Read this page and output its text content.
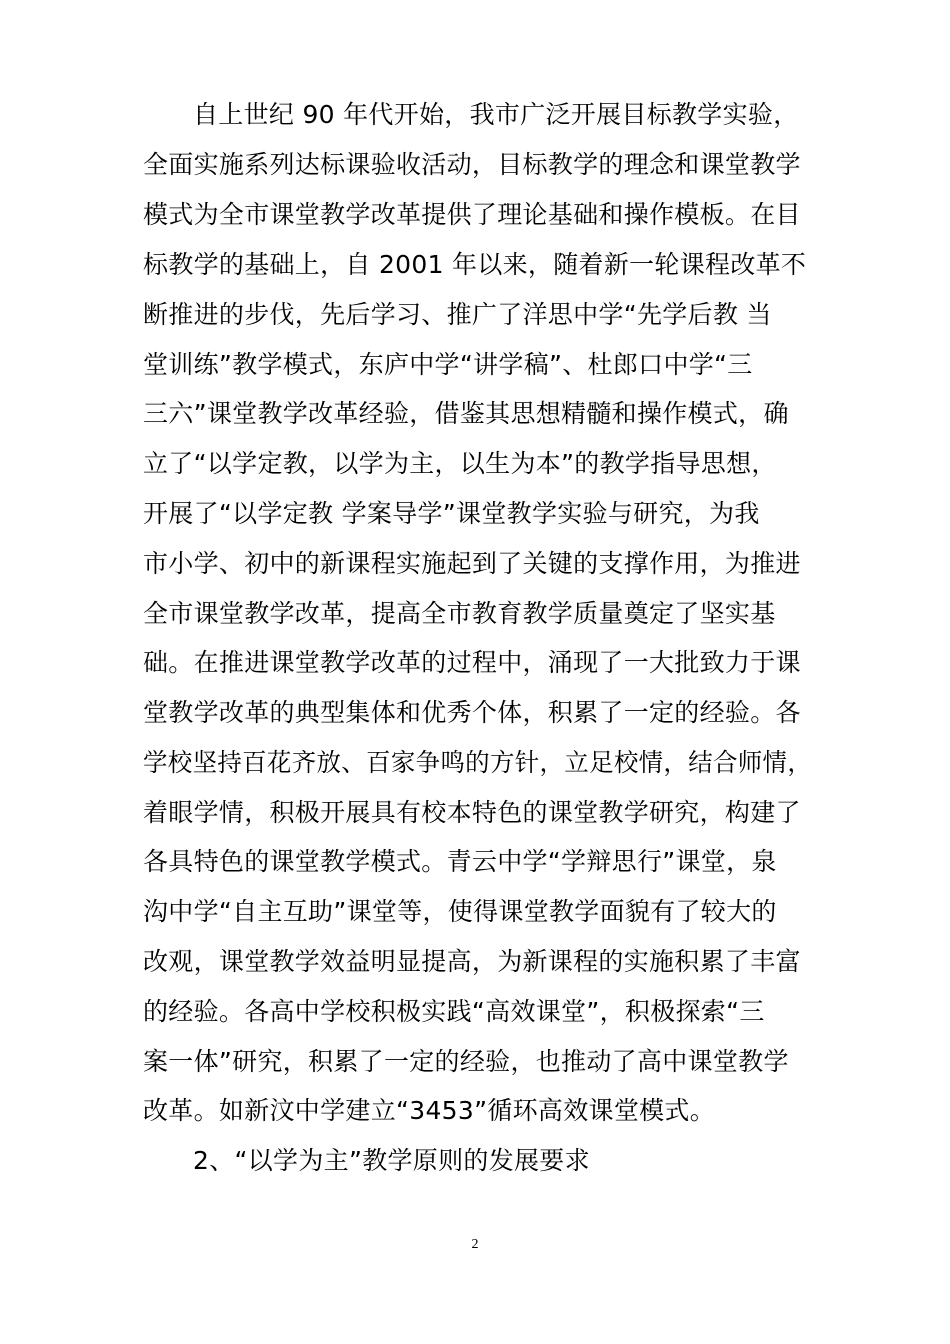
自上世纪 90 年代开始，我市广泛开展目标教学实验，
全面实施系列达标课验收活动，目标教学的理念和课堂教学
模式为全市课堂教学改革提供了理论基础和操作模板。在目
标教学的基础上，自 2001 年以来，随着新一轮课程改革不
断推进的步伐，先后学习、推广了洋思中学“先学后教 当
堂训练”教学模式，东庐中学“讲学稿”、杜郎口中学“三
三六”课堂教学改革经验，借鉴其思想精髓和操作模式，确
立了“以学定教，以学为主，以生为本”的教学指导思想，
开展了“以学定教 学案导学”课堂教学实验与研究，为我
市小学、初中的新课程实施起到了关键的支撑作用，为推进
全市课堂教学改革，提高全市教育教学质量奠定了坚实基
础。在推进课堂教学改革的过程中，涌现了一大批致力于课
堂教学改革的典型集体和优秀个体，积累了一定的经验。各
学校坚持百花齐放、百家争鸣的方针，立足校情，结合师情，
着眼学情，积极开展具有校本特色的课堂教学研究，构建了
各具特色的课堂教学模式。青云中学“学辩思行”课堂，泉
沟中学“自主互助”课堂等，使得课堂教学面貌有了较大的
改观，课堂教学效益明显提高，为新课程的实施积累了丰富
的经验。各高中学校积极实践“高效课堂”，积极探索“三
案一体”研究，积累了一定的经验，也推动了高中课堂教学
改革。如新汶中学建立“3453”循环高效课堂模式。
2、“以学为主”教学原则的发展要求
2
